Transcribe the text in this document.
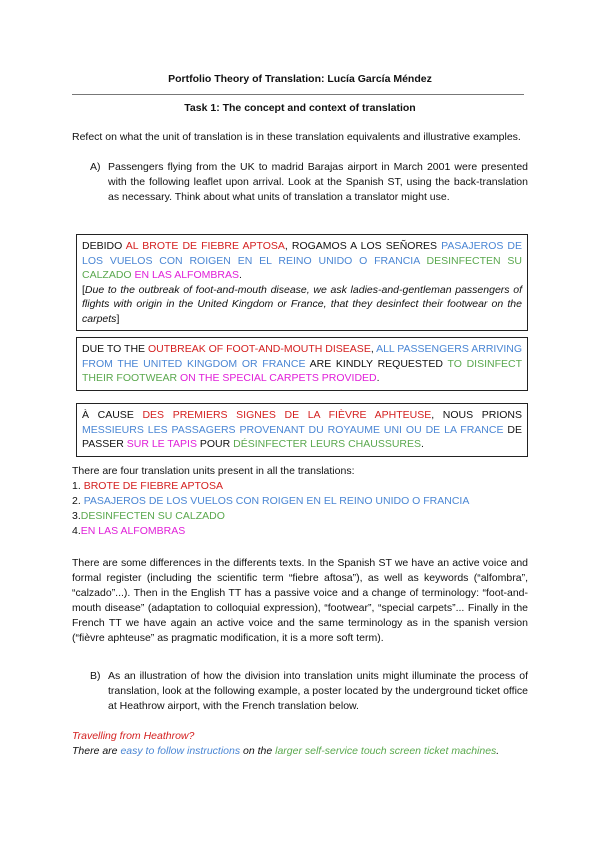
Portfolio Theory of Translation: Lucía García Méndez
Task 1: The concept and context of translation
Refect on what the unit of translation is in these translation equivalents and illustrative examples.
A) Passengers flying from the UK to madrid Barajas airport in March 2001 were presented with the following leaflet upon arrival. Look at the Spanish ST, using the back-translation as necessary. Think about what units of translation a translator might use.
DEBIDO AL BROTE DE FIEBRE APTOSA, ROGAMOS A LOS SEÑORES PASAJEROS DE LOS VUELOS CON ROIGEN EN EL REINO UNIDO O FRANCIA DESINFECTEN SU CALZADO EN LAS ALFOMBRAS.
[Due to the outbreak of foot-and-mouth disease, we ask ladies-and-gentleman passengers of flights with origin in the United Kingdom or France, that they desinfect their footwear on the carpets]
DUE TO THE OUTBREAK OF FOOT-AND-MOUTH DISEASE, ALL PASSENGERS ARRIVING FROM THE UNITED KINGDOM OR FRANCE ARE KINDLY REQUESTED TO DISINFECT THEIR FOOTWEAR ON THE SPECIAL CARPETS PROVIDED.
À CAUSE DES PREMIERS SIGNES DE LA FIÈVRE APHTEUSE, NOUS PRIONS MESSIEURS LES PASSAGERS PROVENANT DU ROYAUME UNI OU DE LA FRANCE DE PASSER SUR LE TAPIS POUR DÉSINFECTER LEURS CHAUSSURES.
There are four translation units present in all the translations:
1. BROTE DE FIEBRE APTOSA
2. PASAJEROS DE LOS VUELOS CON ROIGEN EN EL REINO UNIDO O FRANCIA
3.DESINFECTEN SU CALZADO
4.EN LAS ALFOMBRAS
There are some differences in the differents texts. In the Spanish ST we have an active voice and formal register (including the scientific term “fiebre aftosa”), as well as keywords (“alfombra”, “calzado”...). Then in the English TT has a passive voice and a change of terminology: “foot-and-mouth disease” (adaptation to colloquial expression), “footwear”, “special carpets”... Finally in the French TT we have again an active voice and the same terminology as in the spanish version (“fièvre aphteuse” as pragmatic modification, it is a more soft term).
B) As an illustration of how the division into translation units might illuminate the process of translation, look at the following example, a poster located by the underground ticket office at Heathrow airport, with the French translation below.
Travelling from Heathrow?
There are easy to follow instructions on the larger self-service touch screen ticket machines.
